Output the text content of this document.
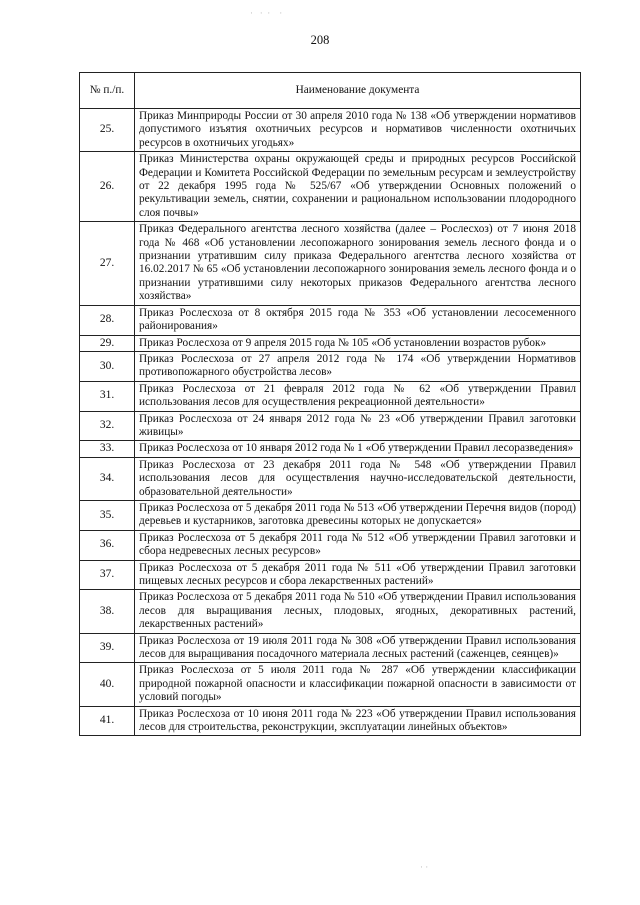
·   ·  ·    ·
208
№ п./п.	Наименование документа
25.	Приказ Минприроды России от 30 апреля 2010 года № 138 «Об утверждении нормативов допустимого изъятия охотничьих ресурсов и нормативов численности охотничьих ресурсов в охотничьих угодьях»
26.	Приказ Министерства охраны окружающей среды и природных ресурсов Российской Федерации и Комитета Российской Федерации по земельным ресурсам и землеустройству от 22 декабря 1995 года № 525/67 «Об утверждении Основных положений о рекультивации земель, снятии, сохранении и рациональном использовании плодородного слоя почвы»
27.	Приказ Федерального агентства лесного хозяйства (далее – Рослесхоз) от 7 июня 2018 года № 468 «Об установлении лесопожарного зонирования земель лесного фонда и о признании утратившим силу приказа Федерального агентства лесного хозяйства от 16.02.2017 № 65 «Об установлении лесопожарного зонирования земель лесного фонда и о признании утратившими силу некоторых приказов Федерального агентства лесного хозяйства»
28.	Приказ Рослесхоза от 8 октября 2015 года № 353 «Об установлении лесосеменного районирования»
29.	Приказ Рослесхоза от 9 апреля 2015 года № 105 «Об установлении возрастов рубок»
30.	Приказ Рослесхоза от 27 апреля 2012 года № 174 «Об утверждении Нормативов противопожарного обустройства лесов»
31.	Приказ Рослесхоза от 21 февраля 2012 года № 62 «Об утверждении Правил использования лесов для осуществления рекреационной деятельности»
32.	Приказ Рослесхоза от 24 января 2012 года № 23 «Об утверждении Правил заготовки живицы»
33.	Приказ Рослесхоза от 10 января 2012 года № 1 «Об утверждении Правил лесоразведения»
34.	Приказ Рослесхоза от 23 декабря 2011 года № 548 «Об утверждении Правил использования лесов для осуществления научно-исследовательской деятельности, образовательной деятельности»
35.	Приказ Рослесхоза от 5 декабря 2011 года № 513 «Об утверждении Перечня видов (пород) деревьев и кустарников, заготовка древесины которых не допускается»
36.	Приказ Рослесхоза от 5 декабря 2011 года № 512 «Об утверждении Правил заготовки и сбора недревесных лесных ресурсов»
37.	Приказ Рослесхоза от 5 декабря 2011 года № 511 «Об утверждении Правил заготовки пищевых лесных ресурсов и сбора лекарственных растений»
38.	Приказ Рослесхоза от 5 декабря 2011 года № 510 «Об утверждении Правил использования лесов для выращивания лесных, плодовых, ягодных, декоративных растений, лекарственных растений»
39.	Приказ Рослесхоза от 19 июля 2011 года № 308 «Об утверждении Правил использования лесов для выращивания посадочного материала лесных растений (саженцев, сеянцев)»
40.	Приказ Рослесхоза от 5 июля 2011 года № 287 «Об утверждении классификации природной пожарной опасности и классификации пожарной опасности в зависимости от условий погоды»
41.	Приказ Рослесхоза от 10 июня 2011 года № 223 «Об утверждении Правил использования лесов для строительства, реконструкции, эксплуатации линейных объектов»
· ·
